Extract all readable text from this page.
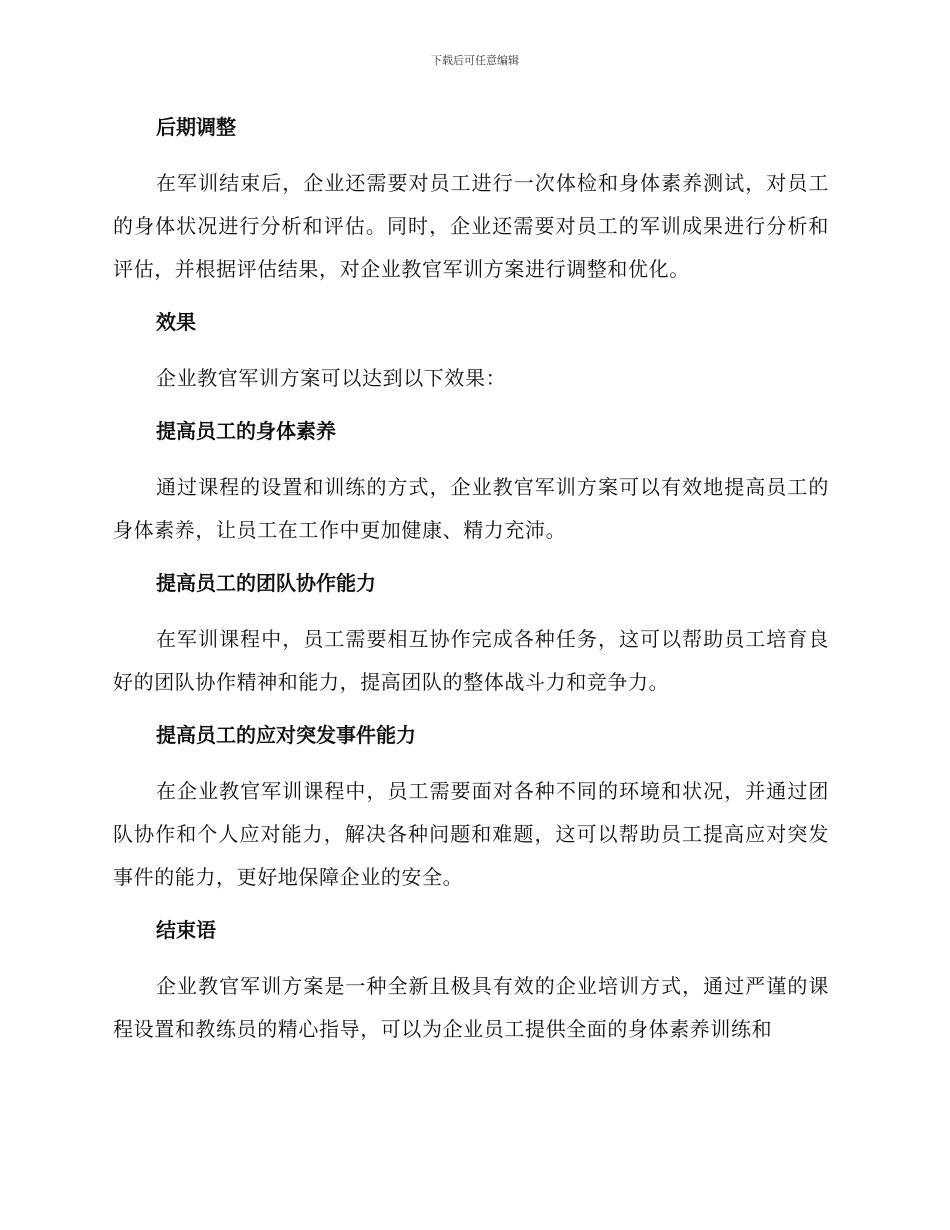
下载后可任意编辑
后期调整

在军训结束后，企业还需要对员工进行一次体检和身体素养测试，对员工的身体状况进行分析和评估。同时，企业还需要对员工的军训成果进行分析和评估，并根据评估结果，对企业教官军训方案进行调整和优化。

效果

企业教官军训方案可以达到以下效果：

提高员工的身体素养

通过课程的设置和训练的方式，企业教官军训方案可以有效地提高员工的身体素养，让员工在工作中更加健康、精力充沛。

提高员工的团队协作能力

在军训课程中，员工需要相互协作完成各种任务，这可以帮助员工培育良好的团队协作精神和能力，提高团队的整体战斗力和竞争力。

提高员工的应对突发事件能力

在企业教官军训课程中，员工需要面对各种不同的环境和状况，并通过团队协作和个人应对能力，解决各种问题和难题，这可以帮助员工提高应对突发事件的能力，更好地保障企业的安全。

结束语

企业教官军训方案是一种全新且极具有效的企业培训方式，通过严谨的课程设置和教练员的精心指导，可以为企业员工提供全面的身体素养训练和
